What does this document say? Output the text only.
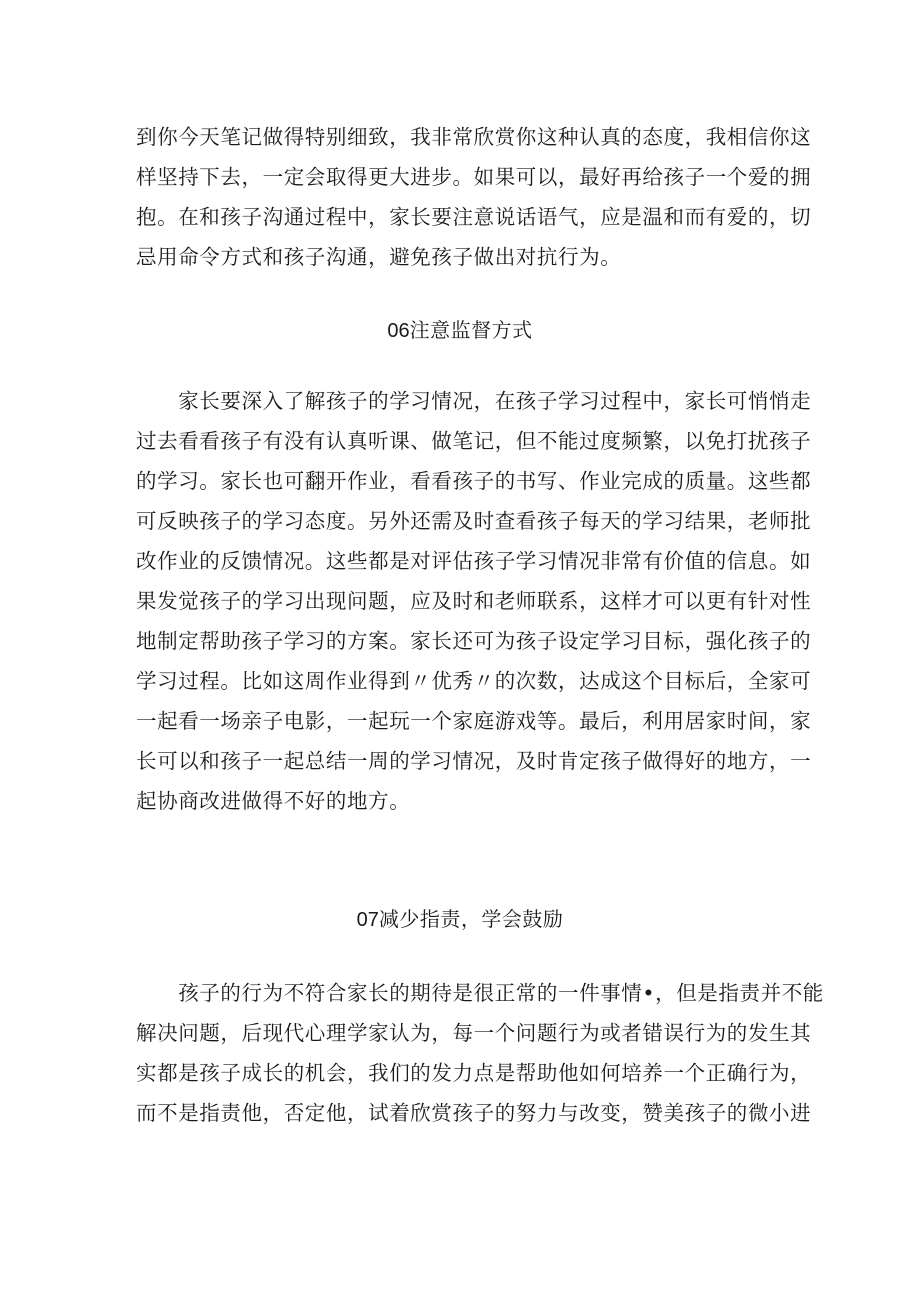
到你今天笔记做得特别细致，我非常欣赏你这种认真的态度，我相信你这
样坚持下去，一定会取得更大进步。如果可以，最好再给孩子一个爱的拥
抱。在和孩子沟通过程中，家长要注意说话语气，应是温和而有爱的，切
忌用命令方式和孩子沟通，避免孩子做出对抗行为。
06注意监督方式
　　家长要深入了解孩子的学习情况，在孩子学习过程中，家长可悄悄走
过去看看孩子有没有认真听课、做笔记，但不能过度频繁，以免打扰孩子
的学习。家长也可翻开作业，看看孩子的书写、作业完成的质量。这些都
可反映孩子的学习态度。另外还需及时查看孩子每天的学习结果，老师批
改作业的反馈情况。这些都是对评估孩子学习情况非常有价值的信息。如
果发觉孩子的学习出现问题，应及时和老师联系，这样才可以更有针对性
地制定帮助孩子学习的方案。家长还可为孩子设定学习目标，强化孩子的
学习过程。比如这周作业得到〃优秀〃的次数，达成这个目标后，全家可
一起看一场亲子电影，一起玩一个家庭游戏等。最后，利用居家时间，家
长可以和孩子一起总结一周的学习情况，及时肯定孩子做得好的地方，一
起协商改进做得不好的地方。
07减少指责，学会鼓励
　　孩子的行为不符合家长的期待是很正常的一件事情•，但是指责并不能
解决问题，后现代心理学家认为，每一个问题行为或者错误行为的发生其
实都是孩子成长的机会，我们的发力点是帮助他如何培养一个正确行为，
而不是指责他，否定他，试着欣赏孩子的努力与改变，赞美孩子的微小进
